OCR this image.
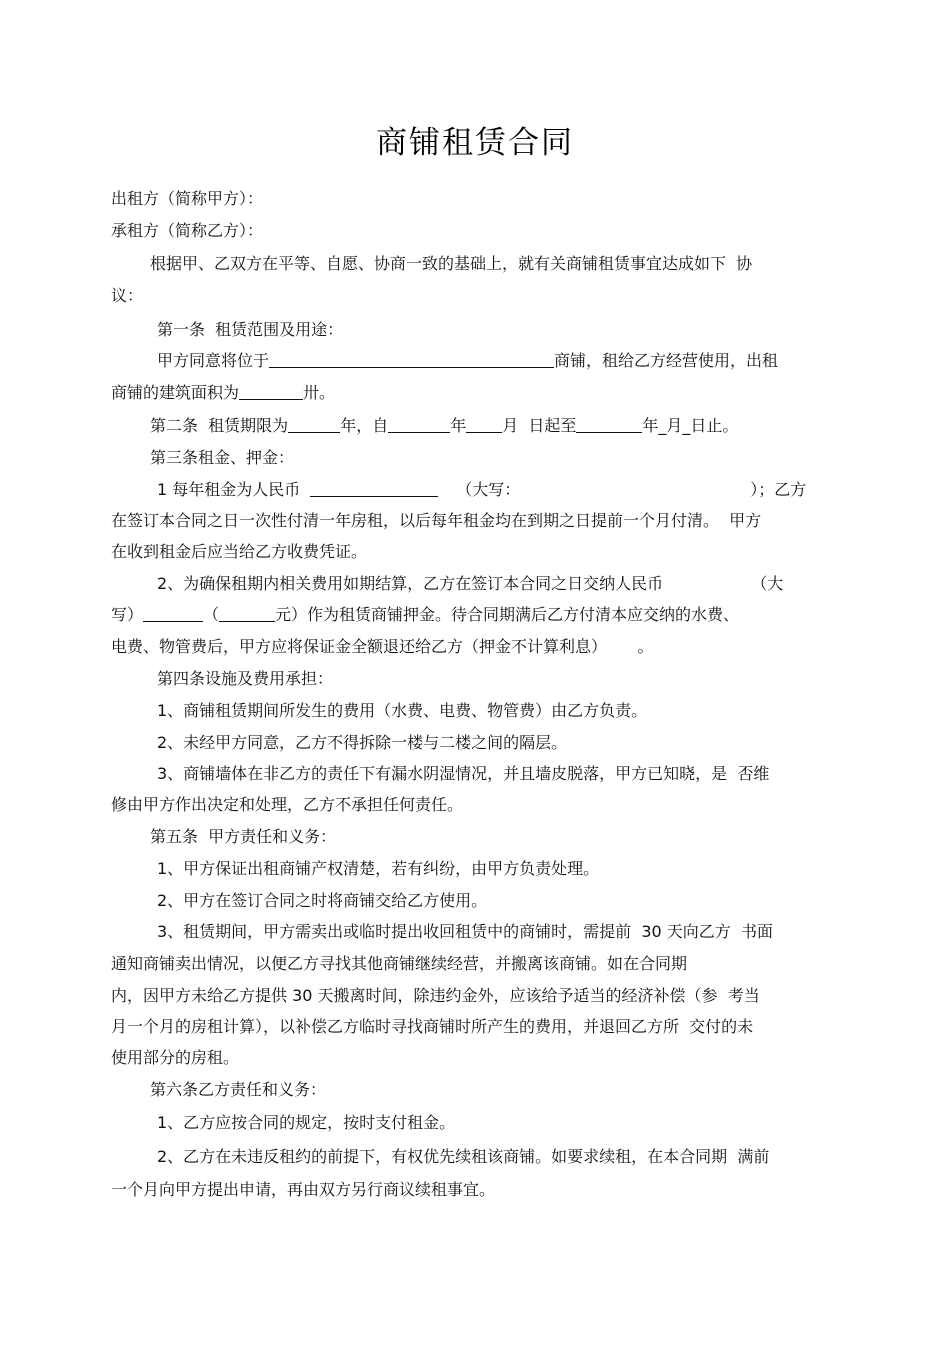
商铺租赁合同
出租方（简称甲方）：
承租方（简称乙方）：
根据甲、乙双方在平等、自愿、协商一致的基础上，就有关商铺租赁事宜达成如下  协
议：
第一条  租赁范围及用途：
甲方同意将位于	商铺，租给乙方经营使用，出租
商铺的建筑面积为	卅。
第二条  租赁期限为	年，自	年 月  日起至	年_月_日止。
第三条租金、押金：
1 每年租金为人民币	（大写：	）；乙方
在签订本合同之日一次性付清一年房租，以后每年租金均在到期之日提前一个月付清。  甲方
在收到租金后应当给乙方收费凭证。
2、为确保租期内相关费用如期结算，乙方在签订本合同之日交纳人民币	（大
写）	（	元）作为租赁商铺押金。待合同期满后乙方付清本应交纳的水费、
电费、物管费后，甲方应将保证金全额退还给乙方（押金不计算利息）      。
第四条设施及费用承担：
1、商铺租赁期间所发生的费用（水费、电费、物管费）由乙方负责。
2、未经甲方同意，乙方不得拆除一楼与二楼之间的隔层。
3、商铺墙体在非乙方的责任下有漏水阴湿情况，并且墙皮脱落，甲方已知晓，是  否维
修由甲方作出决定和处理，乙方不承担任何责任。
第五条  甲方责任和义务：
1、甲方保证出租商铺产权清楚，若有纠纷，由甲方负责处理。
2、甲方在签订合同之时将商铺交给乙方使用。
3、租赁期间，甲方需卖出或临时提出收回租赁中的商铺时，需提前  30 天向乙方  书面
通知商铺卖出情况，以便乙方寻找其他商铺继续经营，并搬离该商铺。如在合同期
内，因甲方未给乙方提供 30 天搬离时间，除违约金外，应该给予适当的经济补偿（参  考当
月一个月的房租计算），以补偿乙方临时寻找商铺时所产生的费用，并退回乙方所  交付的未
使用部分的房租。
第六条乙方责任和义务：
1、乙方应按合同的规定，按时支付租金。
2、乙方在未违反租约的前提下，有权优先续租该商铺。如要求续租，在本合同期  满前
一个月向甲方提出申请，再由双方另行商议续租事宜。
